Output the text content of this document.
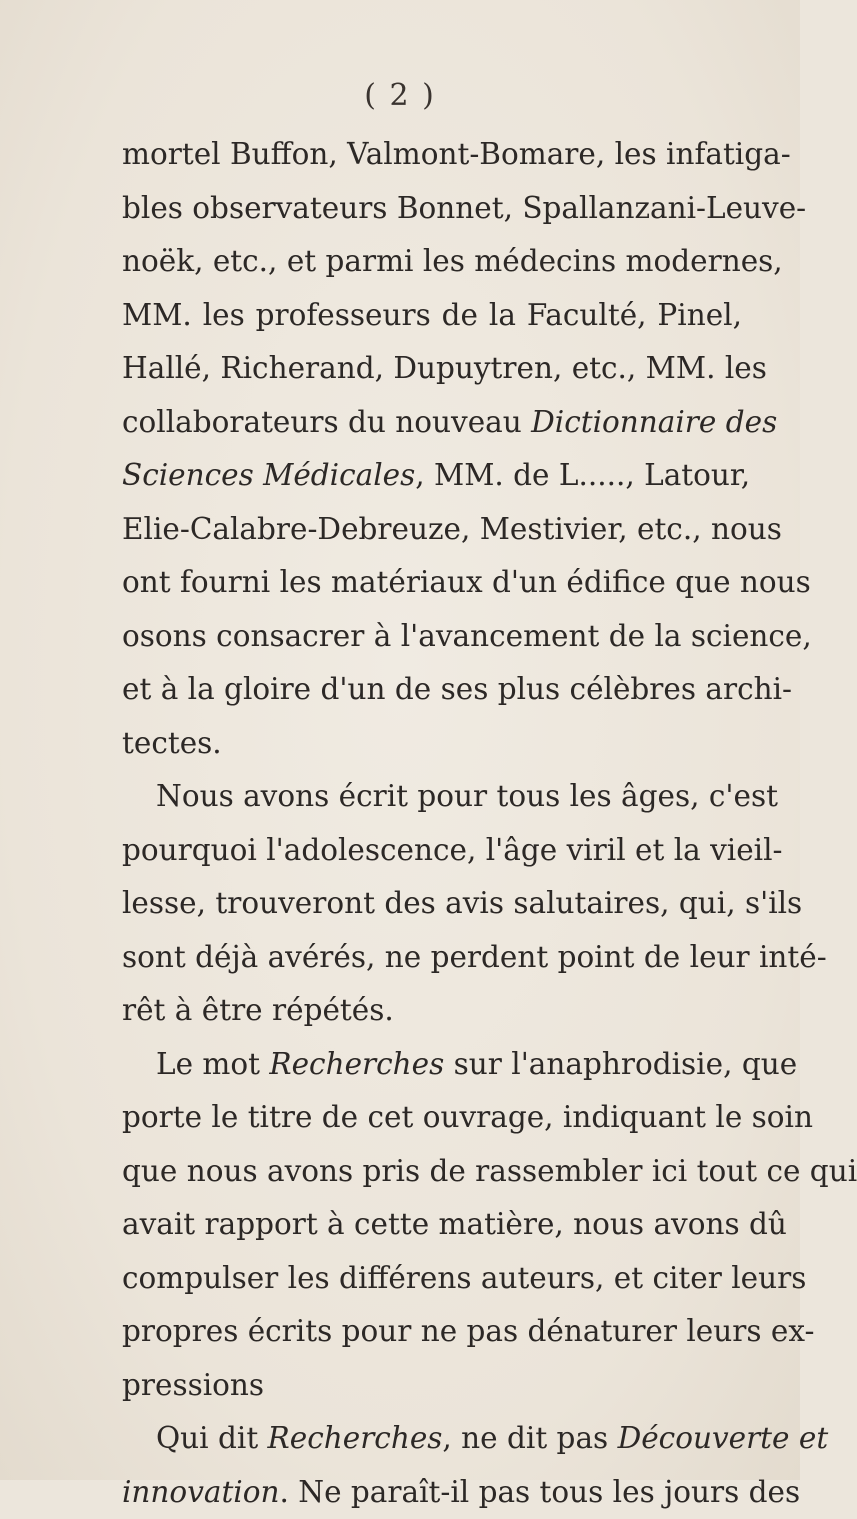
( 2 )
mortel Buffon, Valmont-Bomare, les infatiga-
bles observateurs Bonnet, Spallanzani-Leuve-
noëk, etc., et parmi les médecins modernes,
MM. les professeurs de la Faculté, Pinel,
Hallé, Richerand, Dupuytren, etc., MM. les
collaborateurs du nouveau Dictionnaire des
Sciences Médicales, MM. de L....., Latour,
Elie-Calabre-Debreuze, Mestivier, etc., nous
ont fourni les matériaux d'un édifice que nous
osons consacrer à l'avancement de la science,
et à la gloire d'un de ses plus célèbres archi-
tectes.
Nous avons écrit pour tous les âges, c'est
pourquoi l'adolescence, l'âge viril et la vieil-
lesse, trouveront des avis salutaires, qui, s'ils
sont déjà avérés, ne perdent point de leur inté-
rêt à être répétés.
Le mot Recherches sur l'anaphrodisie, que
porte le titre de cet ouvrage, indiquant le soin
que nous avons pris de rassembler ici tout ce qui
avait rapport à cette matière, nous avons dû
compulser les différens auteurs, et citer leurs
propres écrits pour ne pas dénaturer leurs ex-
pressions
Qui dit Recherches, ne dit pas Découverte et
innovation. Ne paraît-il pas tous les jours des
